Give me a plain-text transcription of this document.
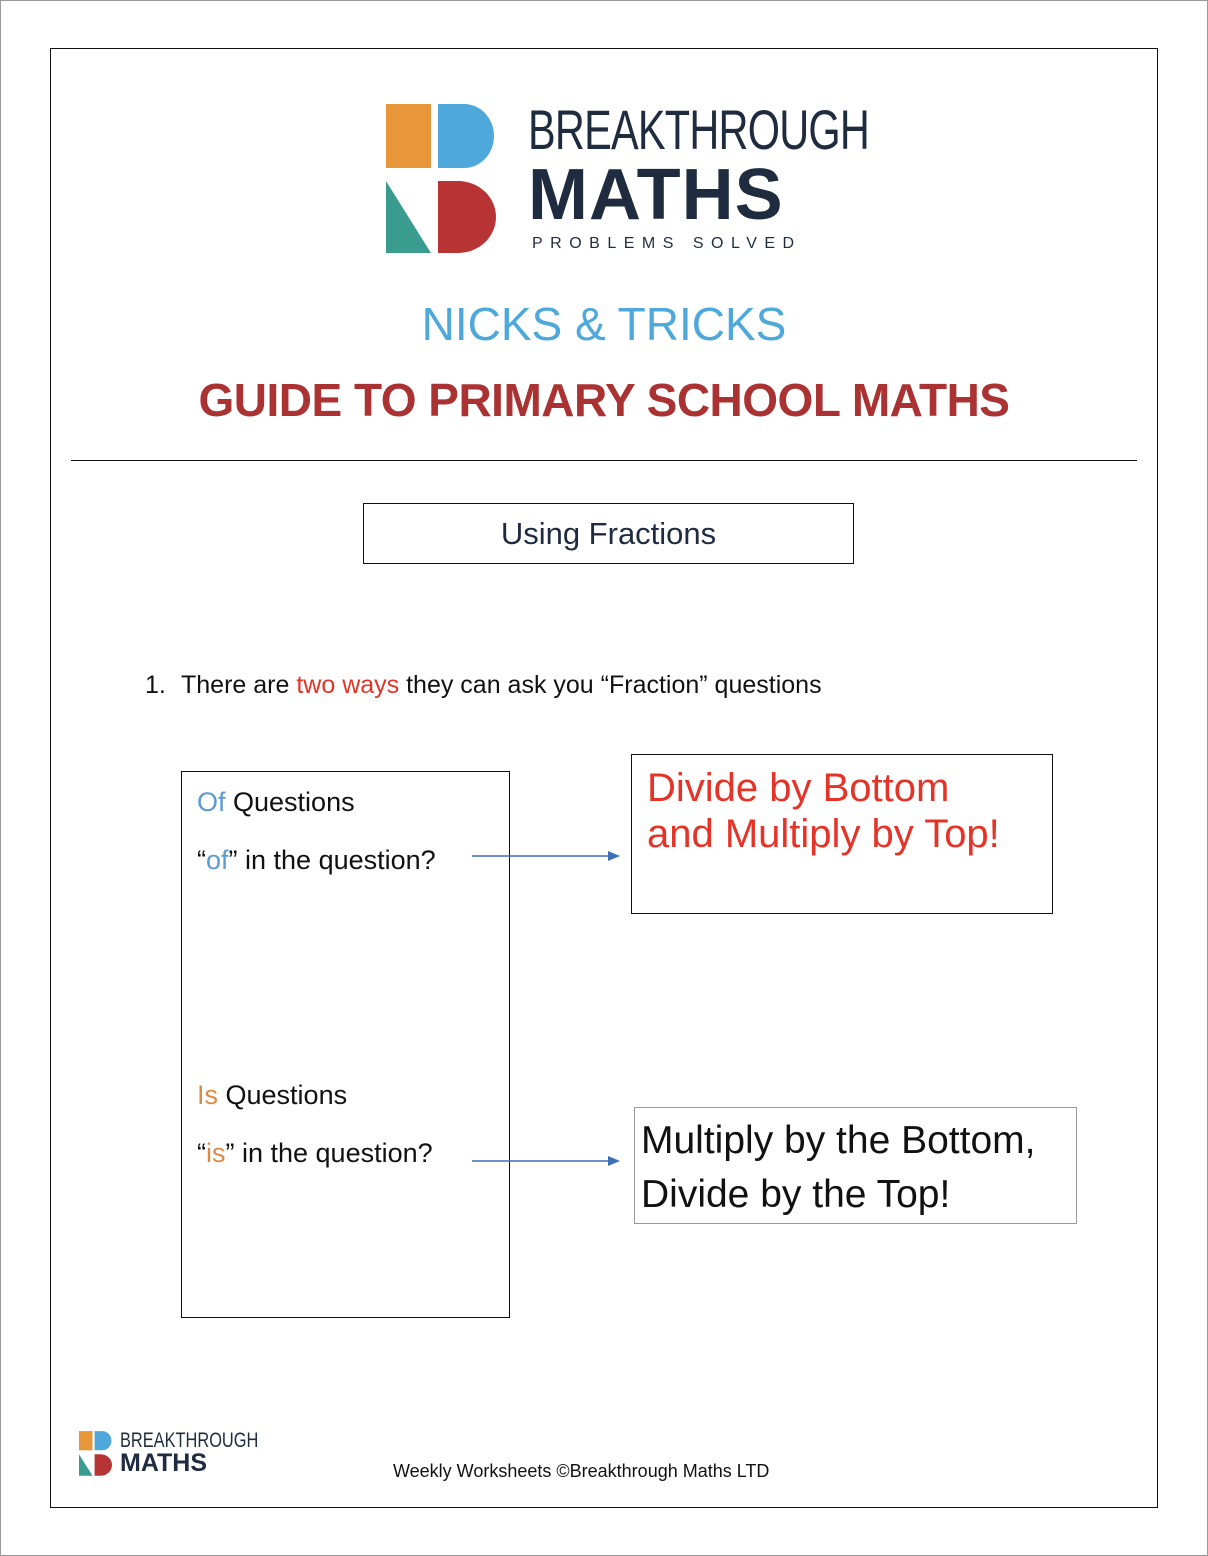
BREAKTHROUGH
MATHS
PROBLEMS SOLVED
NICKS & TRICKS
GUIDE TO PRIMARY SCHOOL MATHS
Using Fractions
1. There are two ways they can ask you “Fraction” questions
Of Questions
“of” in the question?
Divide by Bottom
and Multiply by Top!
Is Questions
“is” in the question?	Multiply by the Bottom,
Divide by the Top!
BREAKTHROUGH
MATHS	Weekly Worksheets ©Breakthrough Maths LTD
